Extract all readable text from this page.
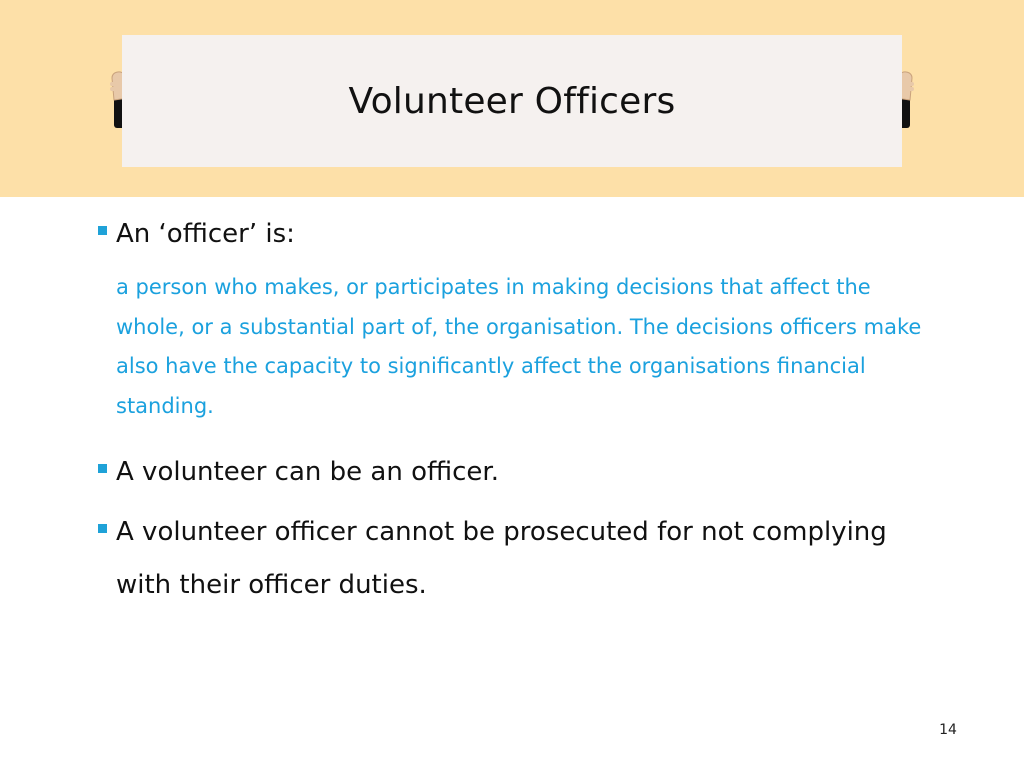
Volunteer Officers
An ‘officer’ is:
a person who makes, or participates in making decisions that affect the whole, or a substantial part of, the organisation. The decisions officers make also have the capacity to significantly affect the organisations financial standing.
A volunteer can be an officer.
A volunteer officer cannot be prosecuted for not complying with their officer duties.
14
